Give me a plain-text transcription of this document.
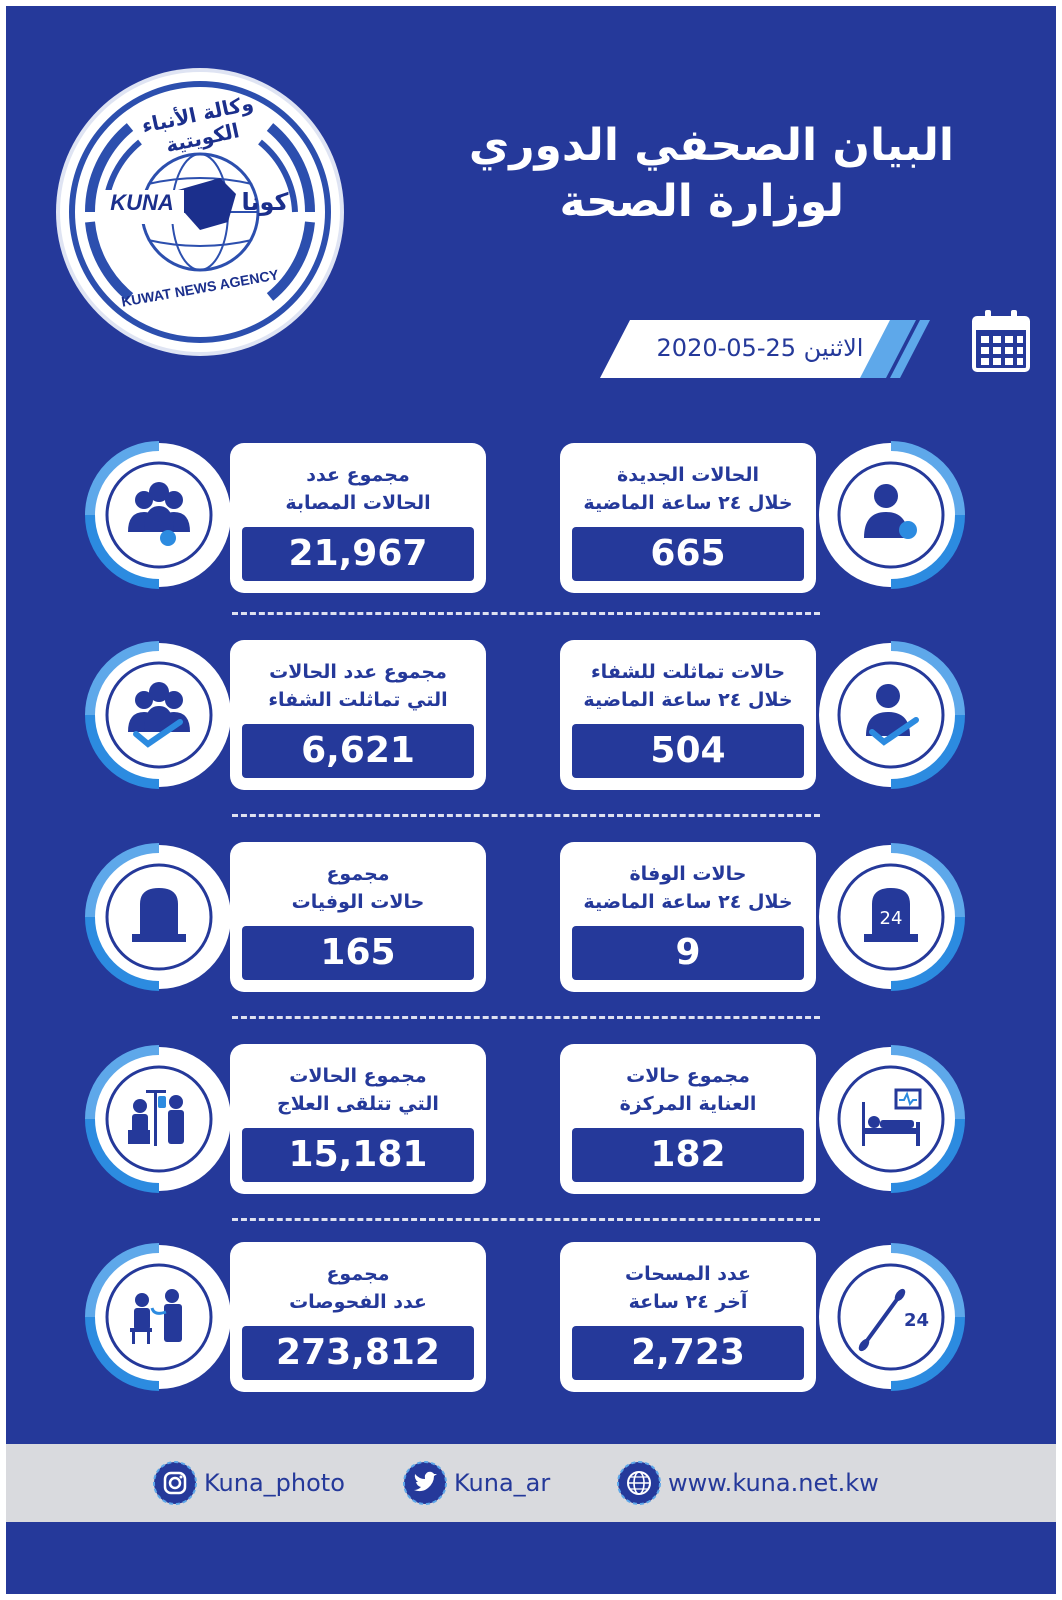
وكالة الأنباء الكويتية
KUNA	كونا
KUWAT NEWS AGENCY
البيان الصحفي الدوري
لوزارة الصحة
الاثنين 25-05-2020
مجموع عدد
الحالات المصابة
21,967
الحالات الجديدة
خلال ٢٤ ساعة الماضية
665
مجموع عدد الحالات
التي تماثلت الشفاء
6,621
حالات تماثلت للشفاء
خلال ٢٤ ساعة الماضية
504
مجموع
حالات الوفيات
165
حالات الوفاة
خلال ٢٤ ساعة الماضية
9
24
مجموع الحالات
التي تتلقى العلاج
15,181
مجموع حالات
العناية المركزة
182
مجموع
عدد الفحوصات
273,812
عدد المسحات
آخر ٢٤ ساعة
2,723
24
Kuna_photo	Kuna_ar	www.kuna.net.kw
